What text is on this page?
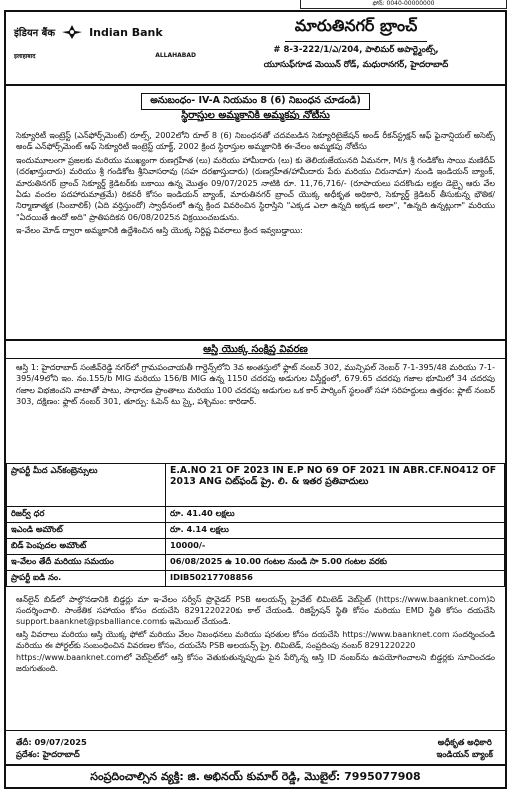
ఫోన్: 0040-00000000
इंडियन बैंक	Indian Bank
इलाहाबाद	ALLAHABAD
మారుతినగర్ బ్రాంచ్
# 8-3-222/1/ఎ/204, పాలిమర్ అపార్ట్మెంట్స్,
యూసుఫ్‌గూడ మెయిన్ రోడ్, మధురానగర్, హైదరాబాద్
అనుబంధం- IV-A నియమం 8 (6) నిబంధన చూడండి)
స్థిరాస్తుల అమ్మకానికి అమ్మకపు నోటీసు

సెక్యూరిటీ ఇంట్రెస్ట్ (ఎన్‌ఫోర్స్‌మెంట్) రూల్స్, 2002లోని రూల్ 8 (6) నిబంధనతో చదవబడిన సెక్యూరిటైజేషన్ అండ్ రీకన్‌స్ట్రక్షన్ ఆఫ్ ఫైనాన్షియల్ అసెట్స్ అండ్ ఎన్‌ఫోర్స్‌మెంట్ ఆఫ్ సెక్యూరిటీ ఇంట్రెస్ట్ యాక్ట్, 2002 క్రింద స్థిరాస్తుల అమ్మకానికి ఈ-వేలం అమ్మకపు నోటీసు

ఇందుమూలంగా ప్రజలకు మరియు ముఖ్యంగా రుణగ్రహీత (లు) మరియు హామీదారు (లు) కు తెలియజేయునది ఏమనగా, M/s శ్రీ గండికోట సాయి మణిదీప్ (దరఖాస్తుదారు) మరియు శ్రీ గండికోట శ్రీనివాసరావు (సహ దరఖాస్తుదారు) (రుణగ్రహీత/హామీదారు పేరు మరియు చిరునామా) నుండి ఇండియన్ బ్యాంక్, మారుతినగర్ బ్రాంచ్ సెక్యూర్డ్ క్రెడిటర్‌కు బకాయి ఉన్న మొత్తం 09/07/2025 నాటికి రూ. 11,76,716/- (రూపాయలు పదకొండు లక్షల డెబ్బై ఆరు వేల ఏడు వందల పదహారుమాత్రమే) రికవరీ కోసం ఇండియన్ బ్యాంక్, మారుతినగర్ బ్రాంచ్ యొక్క అధీకృత అధికారి, సెక్యూర్డ్ క్రెడిటర్ తీసుకున్న భౌతిక/నిర్మాణాత్మక (సింబాలిక్) (ఏది వర్తిస్తుందో) స్వాధీనంలో ఉన్న క్రింద వివరించిన స్థిరాస్తిని "ఎక్కడ ఎలా ఉన్నది అక్కడ అలా", "ఉన్నది ఉన్నట్లుగా" మరియు "ఏదయితే ఉందో అది" ప్రాతిపదికన 06/08/2025న విక్రయించబడును.

ఇ-వేలం మోడ్ ద్వారా అమ్మకానికి ఉద్దేశించిన ఆస్తి యొక్క నిర్దిష్ట వివరాలు క్రింద ఇవ్వబడ్డాయి:

ఆస్తి యొక్క సంక్షిప్త వివరణ
ఆస్తి 1: హైదరాబాద్ సంజీవ్‌రెడ్డి నగర్‌లో గ్రామపంచాయతీ గార్డెన్స్‌లోని 3వ అంతస్తులో ఫ్లాట్ నంబర్ 302, మున్సిపల్ నెంబర్ 7-1-395/48 మరియు 7-1-395/49లోని ఇం. నం.155/b MIG మరియు 156/B MIG ఉన్న 1150 చదరపు అడుగుల విస్తీర్ణంలో, 679.65 చదరపు గజాల భూమిలో 34 చదరపు గజాల విభజించని వాటాతో పాటు, సాధారణ ప్రాంతాలు మరియు 100 చదరపు అడుగుల ఒక కార్ పార్కింగ్ స్థలంతో సహా సరిహద్దులు ఉత్తరం: ఫ్లాట్ నంబర్ 303, దక్షిణం: ఫ్లాట్ నంబర్ 301, తూర్పు: ఓపెన్ టు స్కై, పశ్చిమం: కారిడార్.
ప్రాపర్టీ మీద ఎన్‌కంబ్రెన్సులు	E.A.NO 21 OF 2023 IN E.P NO 69 OF 2021 IN ABR.CF.NO412 OF 2013 ANG చిట్‌ఫండ్ ప్రై. లి. & ఇతర ప్రతివాదులు
రిజర్వ్ ధర	రూ. 41.40 లక్షలు
ఇఎండి అమౌంట్	రూ. 4.14 లక్షలు
బిడ్ పెంపుదల అమౌంట్	10000/-
ఇ-వేలం తేదీ మరియు సమయం	06/08/2025 ఉ 10.00 గంటల నుండి సా 5.00 గంటల వరకు
ప్రాపర్టీ ఐడి నం.	IDIB50217708856

ఆన్‌లైన్ బిడ్‌లో పాల్గొనడానికి బిడ్డర్లు మా ఇ-వేలం సర్వీస్ ప్రొవైడర్ PSB అలయన్స్ ప్రైవేట్ లిమిటెడ్ వెబ్‌సైట్ (https://www.baanknet.com)ని సందర్శించాలి. సాంకేతిక సహాయం కోసం దయచేసి 8291220220కు కాల్ చేయండి. రిజిస్ట్రేషన్ స్థితి కోసం మరియు EMD స్థితి కోసం దయచేసి support.baanknet@psballiance.comకు ఇమెయిల్ చేయండి.

ఆస్తి వివరాలు మరియు ఆస్తి యొక్క ఫోటో మరియు వేలం నిబంధనలు మరియు షరతుల కోసం దయచేసి https://www.baanknet.com సందర్శించండి మరియు ఈ పోర్టల్‌కు సంబంధించిన వివరణల కోసం, దయచేసి PSB అలయన్స్ ప్రై. లిమిటెడ్, సంప్రదింపు నంబర్ 8291220220

https://www.baanknet.comలో వెబ్‌సైట్‌లో ఆస్తి కోసం వెతుకుతున్నప్పుడు పైన పేర్కొన్న ఆస్తి ID నంబర్‌ను ఉపయోగించాలని బిడ్డర్లకు సూచించడం జరుగుతుంది.

తేదీ: 09/07/2025
ప్రదేశం: హైదరాబాద్
అధీకృత అధికారి
ఇండియన్ బ్యాంక్
సంప్రదించాల్సిన వ్యక్తి: జి. అభినయ్ కుమార్ రెడ్డి, మొబైల్: 7995077908
